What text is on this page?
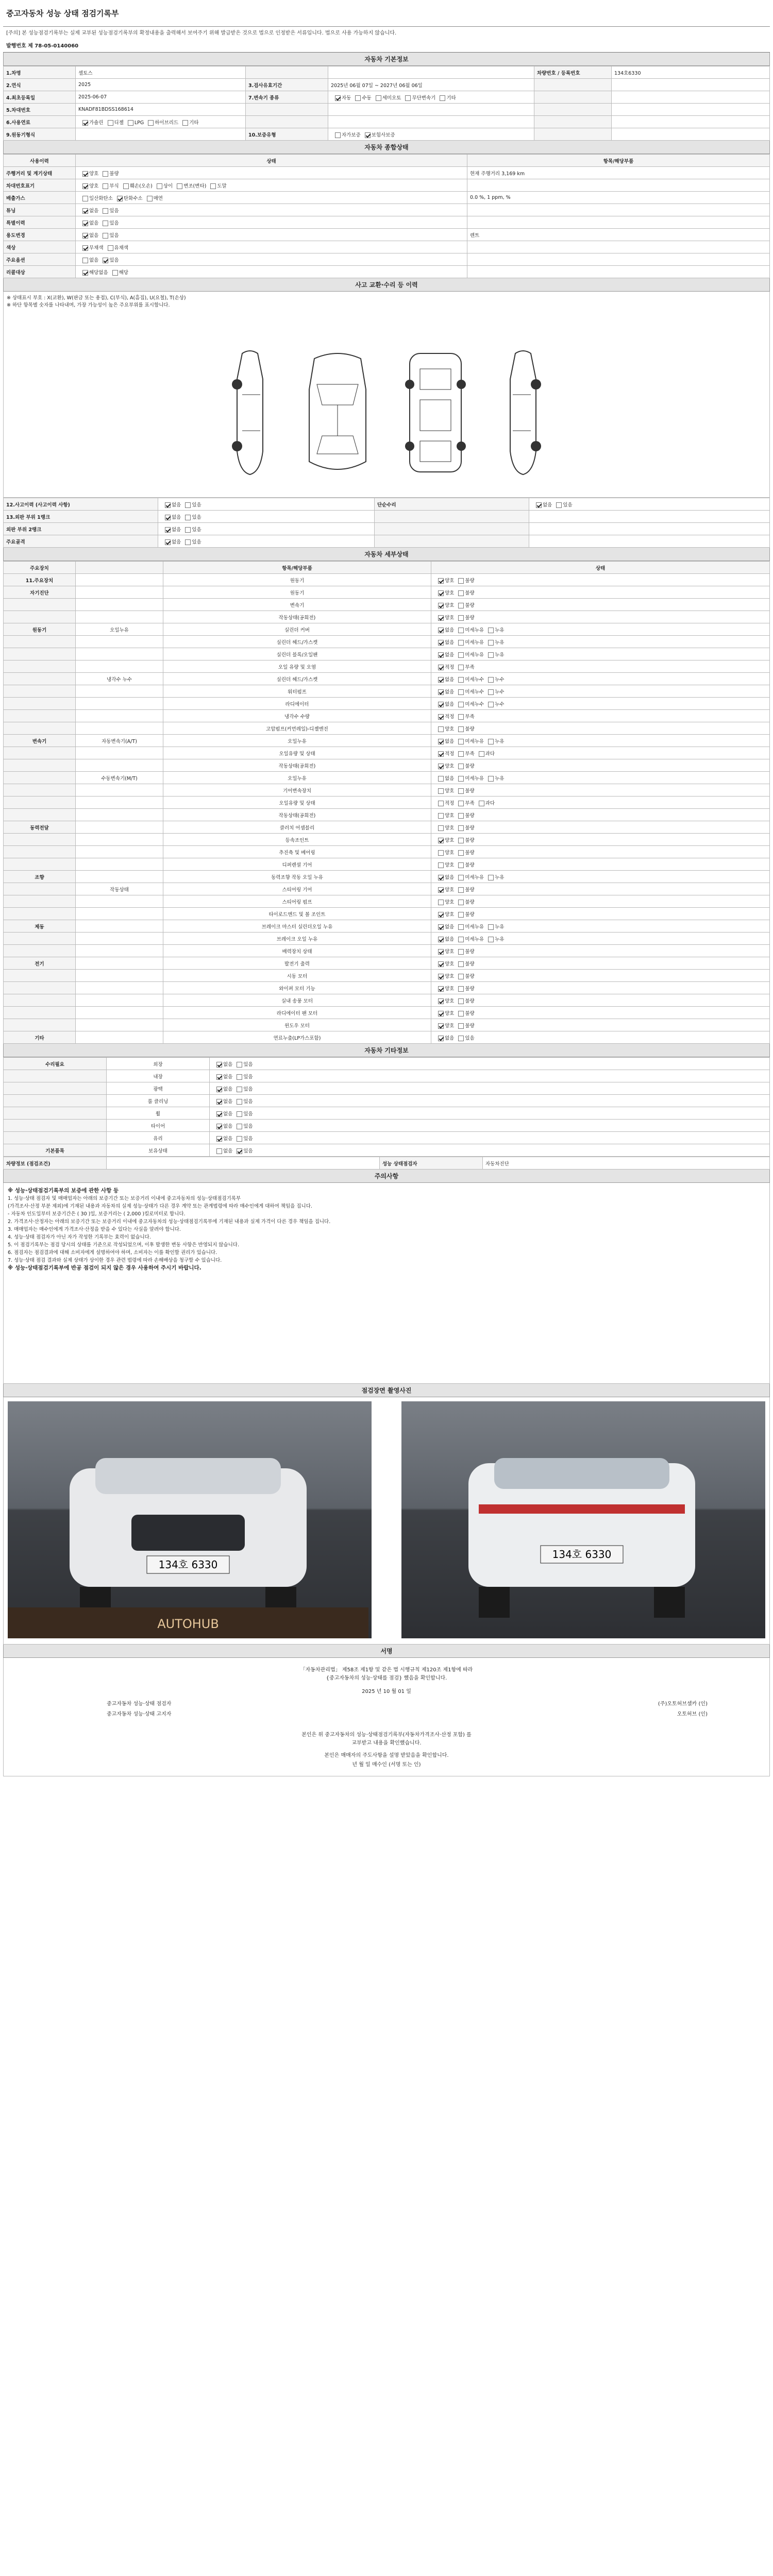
중고자동차 성능 상태 점검기록부
[주의] 본 성능점검기록부는 실제 교부된 성능점검기록부의 확정내용을 출력해서 보여주기 위해 발급받은 것으로 법으로 인정받은 서류입니다. 법으로 사용 가능하지 않습니다.
발행번호 제 78-05-0140060
자동차 기본정보
1.차명	셀토스			차량번호 / 등록번호	134호6330
2.연식	2025	3.검사유효기간	2025년 06월 07일 ~ 2027년 06월 06일		
4.최초등록일	2025-06-07	7.변속기 종류	자동 수동 세미오토 무단변속기 기타		
5.차대번호	KNADF81BDSS168614				
6.사용연료	가솔린 디젤 LPG 하이브리드 기타				
9.원동기형식		10.보증유형	자가보증 보험사보증		
자동차 종합상태
사용이력	상태	항목/해당부품
주행거리 및 계기상태	양호 불량	현재 주행거리 3,169 km
차대번호표기	양호 부식 훼손(오손) 상이 변조(변타) 도말	
배출가스	일산화탄소 탄화수소 매연	0.0 %, 1 ppm, %
튜닝	없음 있음	
특별이력	없음 있음	
용도변경	없음 있음	렌트
색상	무채색 유채색	
주요옵션	없음 있음	
리콜대상	해당없음 해당	
사고 교환·수리 등 이력
※ 상태표시 부호 : X(교환), W(판금 또는 용접), C(부식), A(흠집), U(요철), T(손상)
※ 하단 항목별 숫자를 나타내며, 가장 가능성이 높은 주요부위를 표시합니다.
12.사고이력 (사고이력 사항)	없음 있음	단순수리	없음 있음
13.외판 부위 1랭크	없음 있음		
외판 부위 2랭크	없음 있음		
주요골격	없음 있음		
자동차 세부상태
주요장치		항목/해당부품	상태
11.주요장치		원동기	양호 불량
자기진단		원동기	양호 불량
		변속기	양호 불량
		작동상태(공회전)	양호 불량
원동기	오일누유	실린더 커버	없음 미세누유 누유
		실린더 헤드/가스켓	없음 미세누유 누유
		실린더 블록/오일팬	없음 미세누유 누유
		오일 유량 및 오염	적정 부족
	냉각수 누수	실린더 헤드/가스켓	없음 미세누수 누수
		워터펌프	없음 미세누수 누수
		라디에이터	없음 미세누수 누수
		냉각수 수량	적정 부족
		고압펌프(커먼레일)-디젤엔진	양호 불량
변속기	자동변속기(A/T)	오일누유	없음 미세누유 누유
		오일유량 및 상태	적정 부족 과다
		작동상태(공회전)	양호 불량
	수동변속기(M/T)	오일누유	없음 미세누유 누유
		기어변속장치	양호 불량
		오일유량 및 상태	적정 부족 과다
		작동상태(공회전)	양호 불량
동력전달		클러치 어셈블리	양호 불량
		등속조인트	양호 불량
		추진축 및 베어링	양호 불량
		디퍼렌셜 기어	양호 불량
조향		동력조향 작동 오일 누유	없음 미세누유 누유
	작동상태	스티어링 기어	양호 불량
		스티어링 펌프	양호 불량
		타이로드엔드 및 볼 조인트	양호 불량
제동		브레이크 마스터 실린더오일 누유	없음 미세누유 누유
		브레이크 오일 누유	없음 미세누유 누유
		배력장치 상태	양호 불량
전기		발전기 출력	양호 불량
		시동 모터	양호 불량
		와이퍼 모터 기능	양호 불량
		실내 송풍 모터	양호 불량
		라디에이터 팬 모터	양호 불량
		윈도우 모터	양호 불량
기타		연료누출(LP가스포함)	없음 있음
자동차 기타정보
수리필요	외장	없음 있음
	내장	없음 있음
	광택	없음 있음
	룸 클리닝	없음 있음
	휠	없음 있음
	타이어	없음 있음
	유리	없음 있음
기본품목	보유상태	없음 있음
차량정보 (점검조건)		성능 상태점검자	자동차진단
주의사항
※ 성능·상태점검기록부의 보증에 관한 사항 등
1. 성능·상태 점검자 및 매매업자는 아래의 보증기간 또는 보증거리 이내에 중고자동차의 성능·상태점검기록부
(가격조사·산정 부분 제외)에 기재된 내용과 자동차의 실제 성능·상태가 다른 경우 계약 또는 관계법령에 따라 매수인에게 대하여 책임을 집니다.
- 자동차 인도일부터 보증기간은 ( 30 )일, 보증거리는 ( 2,000 )킬로미터로 합니다.
2. 가격조사·산정자는 아래의 보증기간 또는 보증거리 이내에 중고자동차의 성능·상태점검기록부에 기재된 내용과 실제 가격이 다른 경우 책임을 집니다.
3. 매매업자는 매수인에게 가격조사·산정을 받을 수 있다는 사실을 알려야 합니다.
4. 성능·상태 점검자가 아닌 자가 작성한 기록부는 효력이 없습니다.
5. 이 점검기록부는 점검 당시의 상태를 기준으로 작성되었으며, 이후 발생한 변동 사항은 반영되지 않습니다.
6. 점검자는 점검결과에 대해 소비자에게 설명하여야 하며, 소비자는 이를 확인할 권리가 있습니다.
7. 성능·상태 점검 결과와 실제 상태가 상이한 경우 관련 법령에 따라 손해배상을 청구할 수 있습니다.
※ 성능·상태점검기록부에 반공 점검이 되지 않은 경우 사용하여 주시기 바랍니다.
점검장면 촬영사진
134호 6330
AUTOHUB
134호 6330
서명
「자동차관리법」 제58조 제1항 및 같은 법 시행규칙 제120조 제1항에 따라
{중고자동차의 성능·상태를 점검} 했음을 확인합니다.
2025 년 10 월 01 일
중고자동차 성능·상태 점검자	(주)오토허브셀카 (인)
중고자동차 성능·상태 고지자	오토허브 (인)
본인은 위 중고자동차의 성능·상태점검기록부(자동차가격조사·산정 포함) 를
교부받고 내용을 확인했습니다.
본인은 매매자의 주도사항을 설명 받았음을 확인합니다.
년 월 일 매수인 (서명 또는 인)
